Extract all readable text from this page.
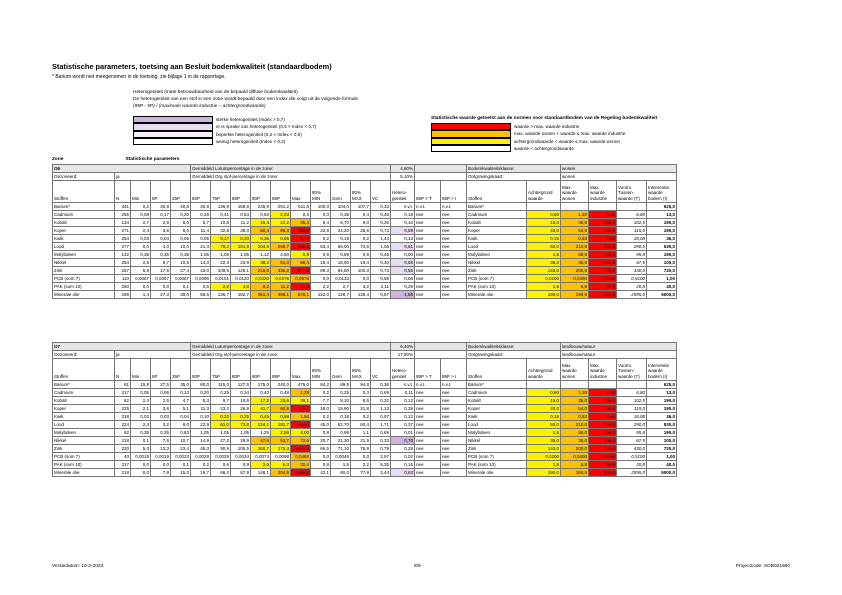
Statistische parameters, toetsing aan Besluit bodemkwaliteit (standaardbodem)
* Barium wordt niet meegenomen in de toetsing, zie bijlage 1 in de rapportage.
Heterogeniteit (mate betrouwbaarheid van de bepaald diffuse bodemkwaliteit)
De heterogeniteit van een stof in een zone wordt bepaald door een index die volgt uit de volgende formule
(95P - 5P) / (maximale waarde industrie – achtergrondwaarde)
sterke heterogeniteit (Index > 0,7)
er is sprake van heterogeniteit (0,5 < Index < 0,7)
beperkte heterogeniteit (0,2 < Index < 0,5)
weinig heterogeniteit (Index < 0,2)
Statistische waarde getoetst aan de normen voor standaardbodem van de Regeling bodemkwaliteit
waarde > max. waarde industrie
max. waarde wonen < waarde ≤ max. waarde industrie
achtergrondwaarde < waarde ≤ max. waarde wonen
waarde < achtergrondwaarde
Zone	Statistische parameters
O6					Gemiddeld Lutumpercentage in de zone:										4,60%			Bodemkwaliteitsklasse:		wonen			
Gezoneerd:	ja				Gemiddeld Org stof-percentage in de zone:										5,10%			Ontgravingskaart:		wonen			
Stoffen	N	Min	5P	25P	50P	75P	80P	90P	95P	Max	80% MIN	Gem	80% MAX	VC	Hetero-geniteit	95P > T	95P > I	Stoffen	Achtergrond waarde	Max. waarde wonen	Max. waarde industrie	Voorm. Tussen-waarde (T)	Interventie waarde bodem (I)
Barium*	341	0,2	40,8	40,8	40,8	136,9	168,9	235,9	291,2	611,6	100,3	104,0	107,7	0,33	n.v.t.	n.v.t.	n.v.t.	Barium*					625,0
Cadmium	255	0,08	0,17	0,20	0,29	0,41	0,54	0,83	2,03	0,3	0,3	0,35	0,4	0,46	0,18	nee	nee	Cadmium	0,60	1,20	4,30	6,80	13,0
Kobalt	134	2,7	2,9	5,0	5,7	10,8	11,2	16,4	21,2	35,4	8,4	8,70	9,0	0,26	0,10	nee	nee	Kobalt	15,0	35,0	190,0	102,5	190,0
Koper	271	2,4	3,6	6,0	11,4	32,8	38,0	60,4	86,3	303,0	22,8	24,20	25,6	0,73	0,59	nee	nee	Koper	40,0	54,0	190,0	115,0	190,0
Kwik	254	0,03	0,04	0,05	0,05	0,17	0,20	0,36	0,65	5,77	0,2	0,19	0,2	1,44	0,13	nee	nee	Kwik	0,15	0,83	4,80	18,08	36,0
Lood	277	0,0	4,0	10,0	21,3	78,2	101,8	204,8	298,7	988,4	63,4	69,00	74,6	1,06	0,61	nee	nee	Lood	50,0	210,0	530,0	290,0	530,0
Molybdeen	132	0,35	0,35	0,35	1,05	1,05	1,05	1,12	3,50	0,9	0,9	0,89	0,9	0,45	0,00	nee	nee	Molybdeen	1,5	88,0	190,0	95,8	190,0
Nikkel	254	2,5	6,7	10,5	14,3	22,3	23,9	38,2	51,0	88,4	18,4	18,90	19,4	0,30	0,68	nee	nee	Nikkel	35,0	39,0	100,0	67,5	100,0
Zink	257	6,8	17,6	27,4	43,0	109,5	125,1	215,0	336,2	977,0	89,3	94,80	100,3	0,73	0,55	nee	nee	Zink	140,0	200,0	720,0	430,0	720,0
PCB (som 7)	110	0,0067	0,0067	0,0067	0,0096	0,0101	0,0120	0,0220	0,0376	0,0976	0,0	0,0133	0,0	0,59	0,06	nee	nee	PCB (som 7)	0,0200	0,0400	0,5000	0,5100	1,00
PAK (som 10)	250	0,0	0,0	0,1	0,5	2,8	4,0	8,2	11,2	44,8	2,2	2,7	3,2	2,11	0,29	nee	nee	PAK (som 10)	1,5	6,8	40,0	20,8	40,0
Minerale olie	269	1,4	27,3	39,0	58,6	136,7	182,7	351,4	488,1	576,1	122,0	128,7	135,4	0,67	1,86	nee	nee	Minerale olie	190,0	190,0	500,0	2595,0	5000,0
O7					Gemiddeld Lutumpercentage in de zone:										6,40%			Bodemkwaliteitsklasse:		landbouw/natuur			
Gezoneerd:	ja				Gemiddeld Org stof-percentage in de zone:										17,80%			Ontgravingskaart:		landbouw/natuur			
Stoffen	N	Min	5P	25P	50P	75P	80P	90P	95P	Max	80% MIN	Gem	80% MAX	VC	Hetero-geniteit	95P > T	95P > I	Stoffen	Achtergrond waarde	Max. waarde wonen	Max. waarde industrie	Voorm. Tussen-waarde (T)	Interventie waarde bodem (I)
Barium*	61	15,8	27,5	35,0	60,0	115,0	127,5	175,0	240,0	475,0	84,2	89,5	94,8	0,36	n.v.t.	n.v.t.	n.v.t.	Barium*					625,0
Cadmium	217	0,05	0,06	0,13	0,20	0,29	0,34	0,40	0,48	1,25	0,2	0,25	0,3	0,69	0,11	nee	nee	Cadmium	0,60	1,20	4,30	6,80	13,0
Kobalt	62	2,4	2,5	4,7	5,3	9,7	10,6	17,2	23,6	26,1	7,7	8,10	8,5	0,32	0,12	nee	nee	Kobalt	15,0	35,0	190,0	102,5	190,0
Koper	225	2,1	3,6	5,1	11,3	23,2	26,9	41,7	60,5	215,7	18,0	19,90	21,8	1,13	0,39	nee	nee	Koper	40,0	54,0	190,0	115,0	190,0
Kwik	218	0,03	0,03	0,04	0,10	0,22	0,25	0,45	0,58	1,56	0,2	0,18	0,2	0,97	0,12	nee	nee	Kwik	0,15	0,83	4,80	18,08	36,0
Lood	224	2,4	3,2	8,0	22,9	61,0	73,6	134,1	181,7	1182,0	45,0	52,70	60,4	1,71	0,37	nee	nee	Lood	50,0	210,0	530,0	290,0	530,0
Molybdeen	62	0,35	0,35	0,63	1,05	1,05	1,05	1,25	2,56	4,00	0,9	0,99	1,1	0,69	0,01	nee	nee	Molybdeen	1,5	88,0	190,0	95,8	190,0
Nikkel	218	0,1	7,5	10,7	14,9	27,2	29,9	47,6	53,7	72,6	20,7	21,30	21,9	0,33	0,70	nee	nee	Nikkel	35,0	39,0	100,0	67,5	100,0
Zink	220	5,3	13,3	23,4	45,3	90,9	105,5	160,7	175,3	1445,0	66,5	71,10	75,9	0,79	0,28	nee	nee	Zink	140,0	200,0	720,0	430,0	720,0
PCB (som 7)	40	0,0019	0,0019	0,0023	0,0028	0,0029	0,0034	0,0074	0,0098	0,0492	0,0	0,0046	0,0	2,97	0,02	nee	nee	PCB (som 7)	0,0200	0,0400	0,5000	0,5100	1,00
PAK (som 10)	217	0,0	0,0	0,1	0,2	0,6	0,8	2,6	6,3	32,4	0,8	1,5	2,2	5,35	0,16	nee	nee	PAK (som 10)	1,5	6,8	40,0	20,8	40,0
Minerale olie	218	0,0	7,9	15,0	19,7	66,2	87,9	148,1	204,5	2495,0	42,1	60,0	77,9	3,44	0,63	nee	nee	Minerale olie	190,0	190,0	500,0	2595,0	5000,0
Versiedatum: 10-2-2023	8/9	Projectcode: SOB021860
